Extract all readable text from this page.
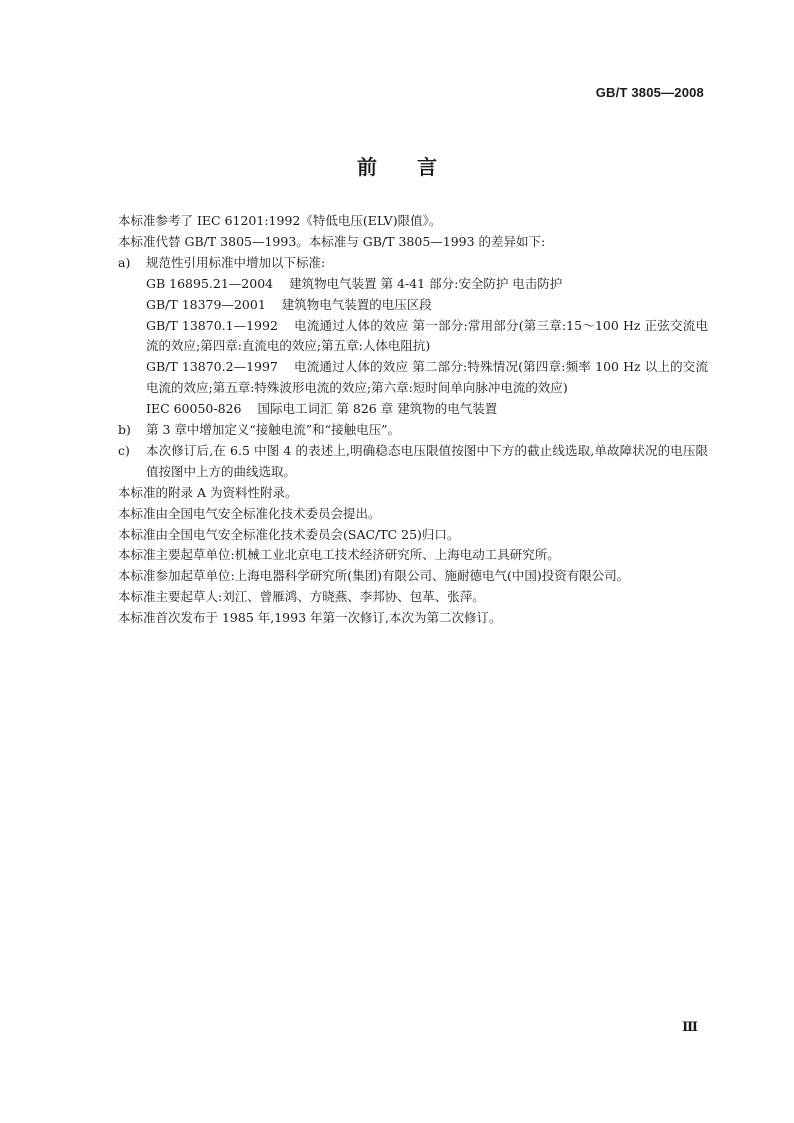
GB/T 3805—2008
前言
本标准参考了 IEC 61201:1992《特低电压(ELV)限值》。
本标准代替 GB/T 3805—1993。本标准与 GB/T 3805—1993 的差异如下:
a) 规范性引用标准中增加以下标准:
GB 16895.21—2004 建筑物电气装置 第 4-41 部分:安全防护 电击防护
GB/T 18379—2001 建筑物电气装置的电压区段
GB/T 13870.1—1992 电流通过人体的效应 第一部分:常用部分(第三章:15～100 Hz 正弦交流电流的效应;第四章:直流电的效应;第五章:人体电阻抗)
GB/T 13870.2—1997 电流通过人体的效应 第二部分:特殊情况(第四章:频率 100 Hz 以上的交流电流的效应;第五章:特殊波形电流的效应;第六章:短时间单向脉冲电流的效应)
IEC 60050-826 国际电工词汇 第 826 章 建筑物的电气装置
b) 第 3 章中增加定义“接触电流”和“接触电压”。
c) 本次修订后,在 6.5 中图 4 的表述上,明确稳态电压限值按图中下方的截止线选取,单故障状况的电压限值按图中上方的曲线选取。
本标准的附录 A 为资料性附录。
本标准由全国电气安全标准化技术委员会提出。
本标准由全国电气安全标准化技术委员会(SAC/TC 25)归口。
本标准主要起草单位:机械工业北京电工技术经济研究所、上海电动工具研究所。
本标准参加起草单位:上海电器科学研究所(集团)有限公司、施耐德电气(中国)投资有限公司。
本标准主要起草人:刘江、曾雁鸿、方晓燕、李邦协、包革、张萍。
本标准首次发布于 1985 年,1993 年第一次修订,本次为第二次修订。
Ⅲ
